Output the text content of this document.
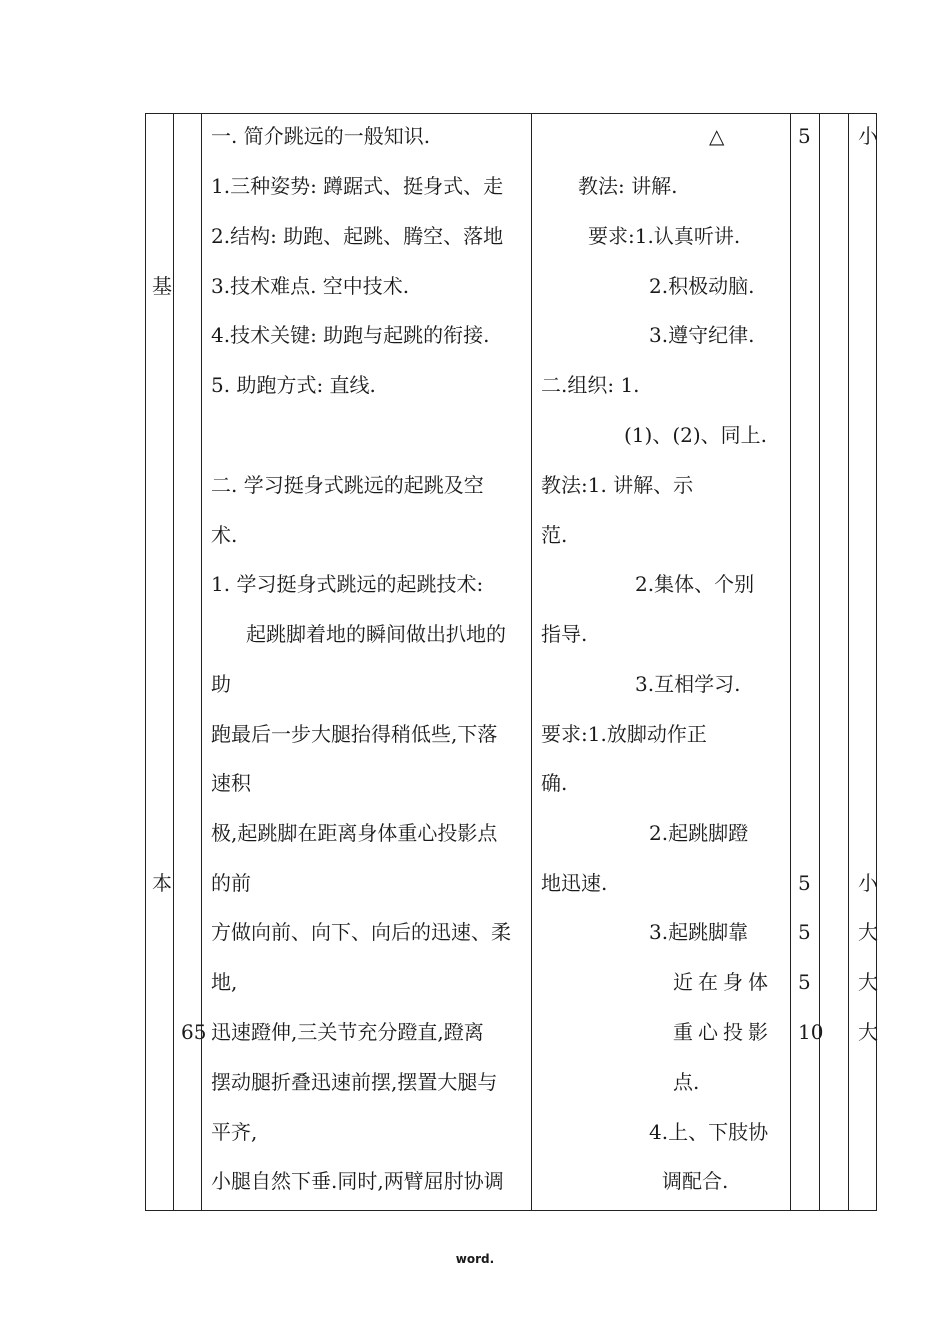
基
本
65
一. 简介跳远的一般知识.
1.三种姿势: 蹲踞式、挺身式、走
2.结构: 助跑、起跳、腾空、落地
3.技术难点. 空中技术.
4.技术关键: 助跑与起跳的衔接.
5. 助跑方式: 直线.
二. 学习挺身式跳远的起跳及空
术.
1. 学习挺身式跳远的起跳技术:
起跳脚着地的瞬间做出扒地的
助
跑最后一步大腿抬得稍低些,下落
速积
极,起跳脚在距离身体重心投影点
的前
方做向前、向下、向后的迅速、柔
地,
迅速蹬伸,三关节充分蹬直,蹬离
摆动腿折叠迅速前摆,摆置大腿与
平齐,
小腿自然下垂.同时,两臂屈肘协调
△
教法: 讲解.
要求:1.认真听讲.
2.积极动脑.
3.遵守纪律.
二.组织: 1.
(1)、(2)、同上.
教法:1. 讲解、示
范.
2.集体、个别
指导.
3.互相学习.
要求:1.放脚动作正
确.
2.起跳脚蹬
地迅速.
3.起跳脚靠
近在身体
重心投影
点.
4.上、下肢协
调配合.
5
5
5
5
10
小
小
大
大
大
word.
